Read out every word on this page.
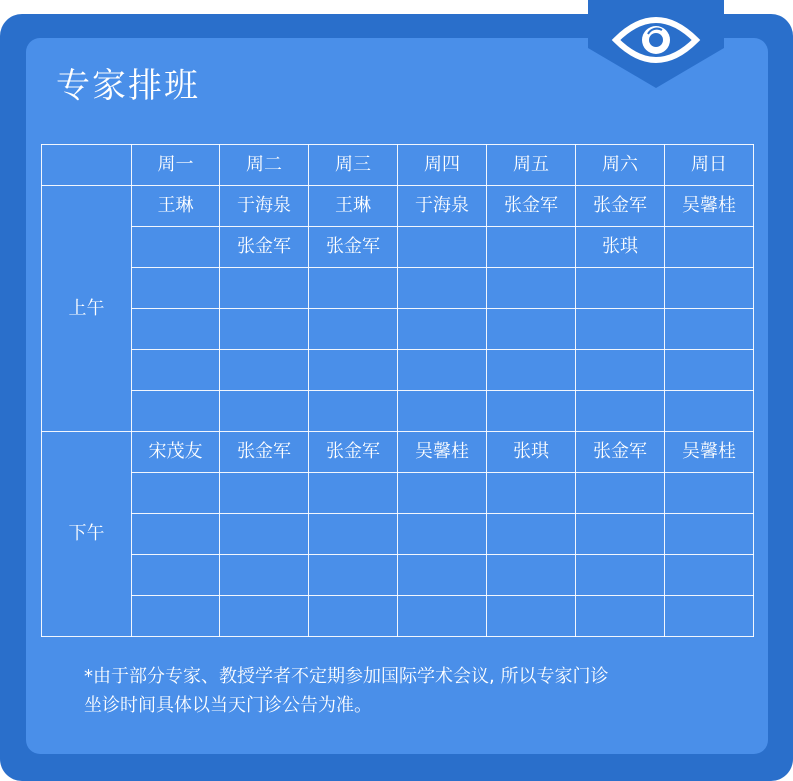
专家排班
	周一	周二	周三	周四	周五	周六	周日
上午	王琳	于海泉	王琳	于海泉	张金军	张金军	吴馨桂
		张金军	张金军			张琪	

下午	宋茂友	张金军	张金军	吴馨桂	张琪	张金军	吴馨桂

*由于部分专家、教授学者不定期参加国际学术会议, 所以专家门诊
坐诊时间具体以当天门诊公告为准。
